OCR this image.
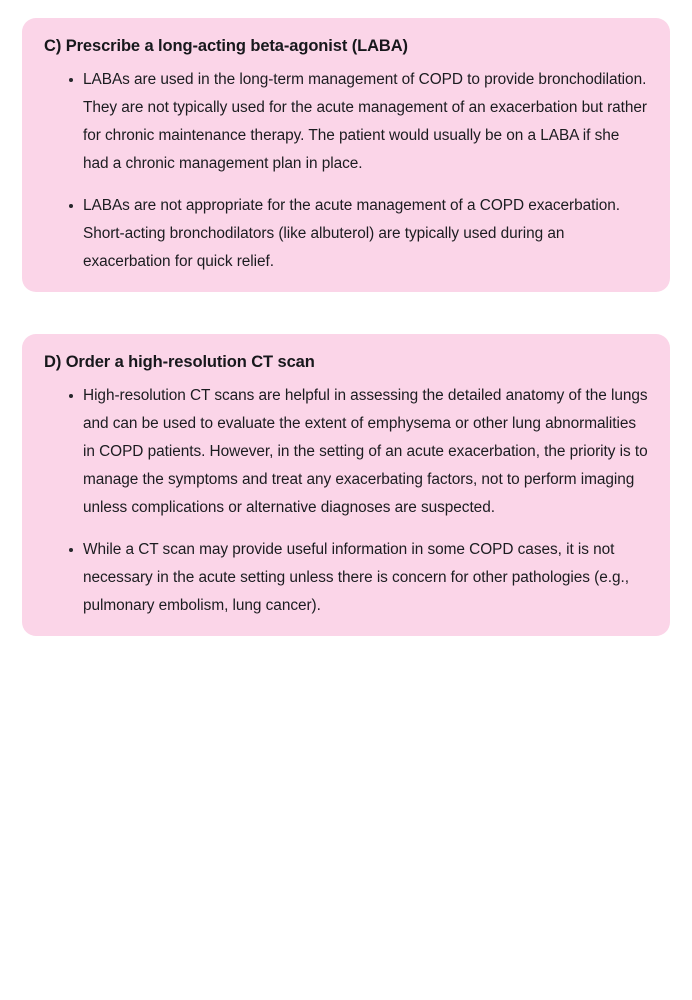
C) Prescribe a long-acting beta-agonist (LABA)
LABAs are used in the long-term management of COPD to provide bronchodilation. They are not typically used for the acute management of an exacerbation but rather for chronic maintenance therapy. The patient would usually be on a LABA if she had a chronic management plan in place.
LABAs are not appropriate for the acute management of a COPD exacerbation. Short-acting bronchodilators (like albuterol) are typically used during an exacerbation for quick relief.
D) Order a high-resolution CT scan
High-resolution CT scans are helpful in assessing the detailed anatomy of the lungs and can be used to evaluate the extent of emphysema or other lung abnormalities in COPD patients. However, in the setting of an acute exacerbation, the priority is to manage the symptoms and treat any exacerbating factors, not to perform imaging unless complications or alternative diagnoses are suspected.
While a CT scan may provide useful information in some COPD cases, it is not necessary in the acute setting unless there is concern for other pathologies (e.g., pulmonary embolism, lung cancer).
